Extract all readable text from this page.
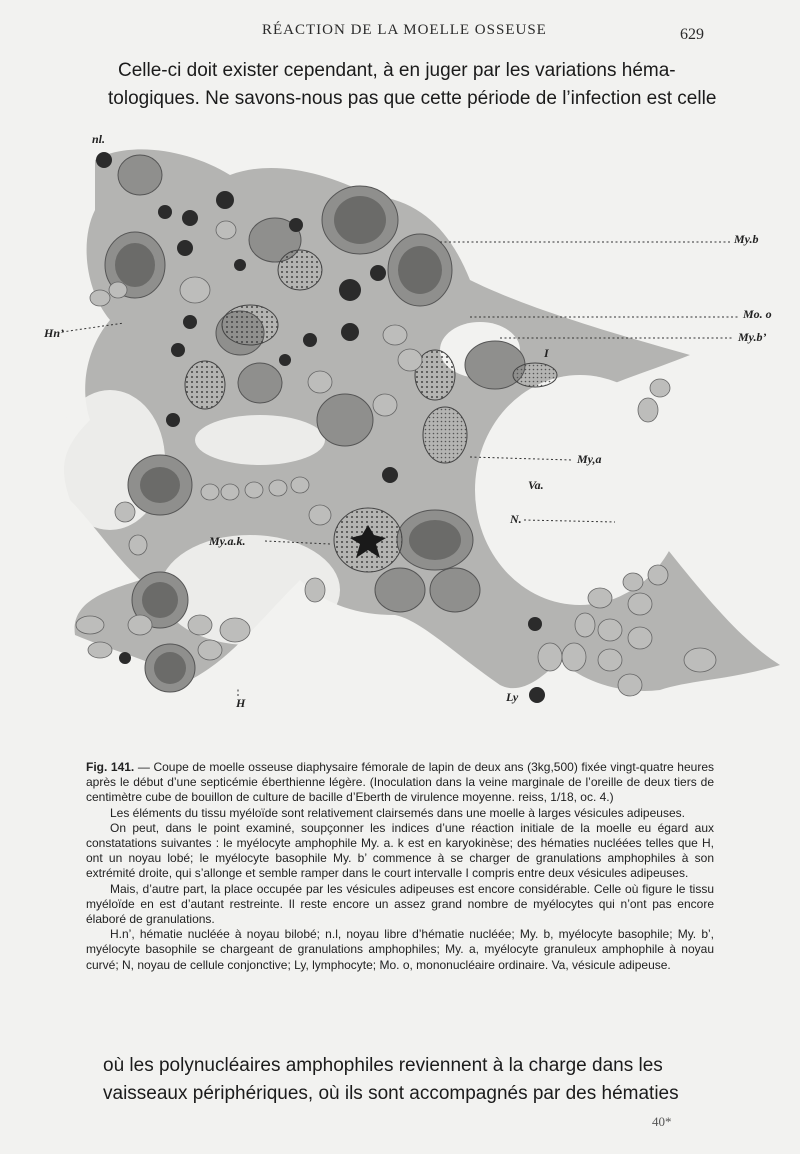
RÉACTION DE LA MOELLE OSSEUSE	629
Celle-ci doit exister cependant, à en juger par les variations héma-
tologiques. Ne savons-nous pas que cette période de l’infection est celle
nl.
My.b
Hn’
Mo. o
My.b’
I
My,a
Va.
N.
My.a.k.
H	Ly

Fig. 141. — Coupe de moelle osseuse diaphysaire fémorale de lapin de deux ans (3kg,500) fixée vingt-quatre heures après le début d’une septicémie éberthienne légère. (Inoculation dans la veine marginale de l’oreille de deux tiers de centimètre cube de bouillon de culture de bacille d’Eberth de virulence moyenne. reiss, 1/18, oc. 4.)

Les éléments du tissu myéloïde sont relativement clairsemés dans une moelle à larges vésicules adipeuses.

On peut, dans le point examiné, soupçonner les indices d’une réaction initiale de la moelle eu égard aux constatations suivantes : le myélocyte amphophile My. a. k est en karyokinèse; des hématies nucléées telles que H, ont un noyau lobé; le myélocyte basophile My. b’ commence à se charger de granulations amphophiles à son extrémité droite, qui s’allonge et semble ramper dans le court intervalle I compris entre deux vésicules adipeuses.

Mais, d’autre part, la place occupée par les vésicules adipeuses est encore considérable. Celle où figure le tissu myéloïde en est d’autant restreinte. Il reste encore un assez grand nombre de myélocytes qui n’ont pas encore élaboré de granulations.

H.n’, hématie nucléée à noyau bilobé; n.l, noyau libre d’hématie nucléée; My. b, myélocyte basophile; My. b’, myélocyte basophile se chargeant de granulations amphophiles; My. a, myélocyte granuleux amphophile à noyau curvé; N, noyau de cellule conjonctive; Ly, lymphocyte; Mo. o, mononucléaire ordinaire. Va, vésicule adipeuse.

où les polynucléaires amphophiles reviennent à la charge dans les
vaisseaux périphériques, où ils sont accompagnés par des hématies
40*
